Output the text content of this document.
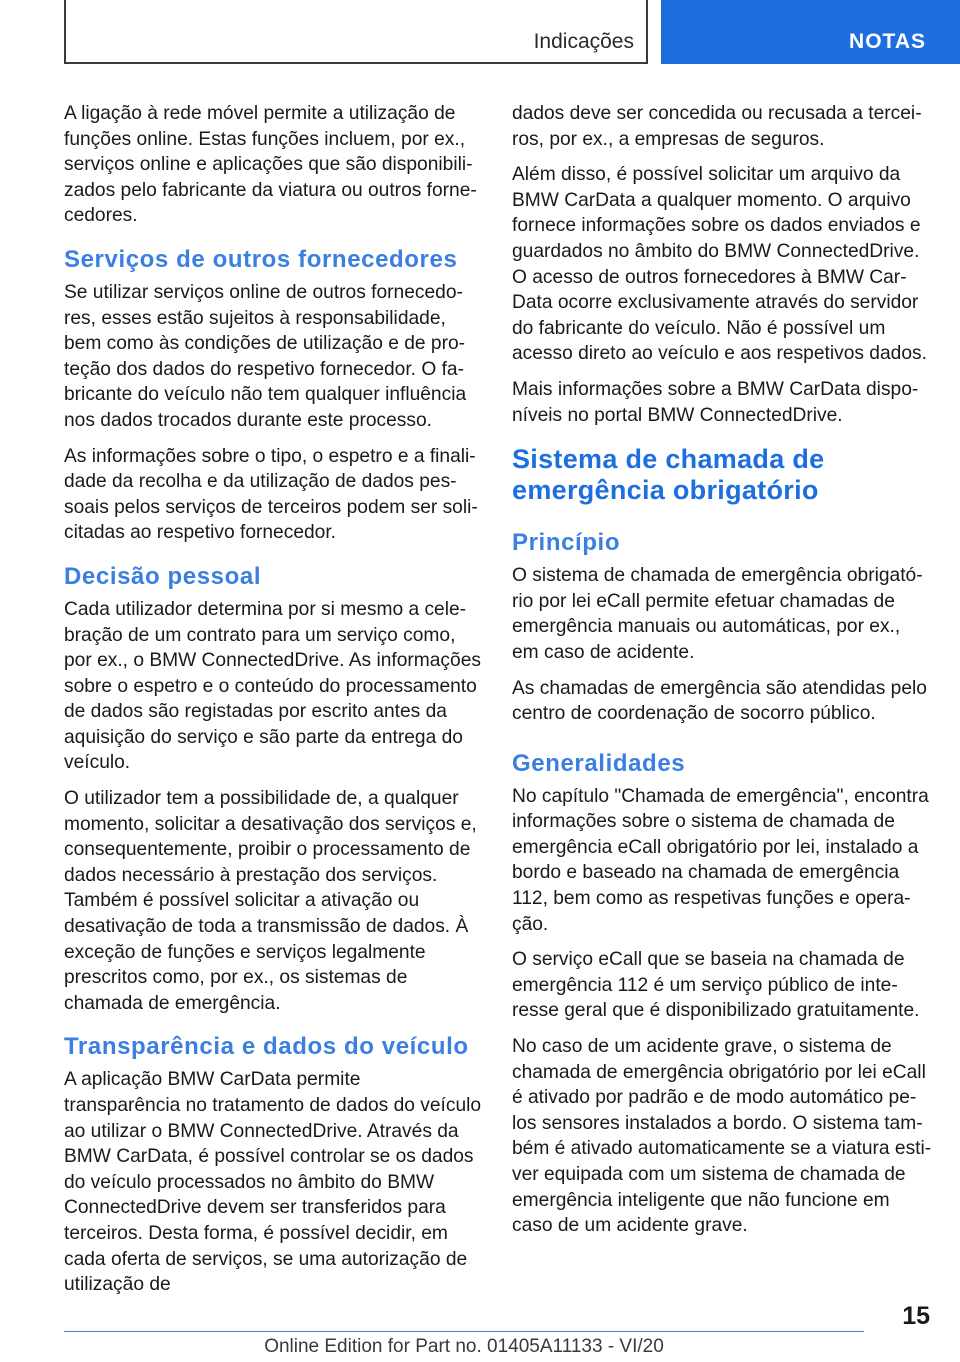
Indicações	NOTAS

A ligação à rede móvel permite a utilização de funções online. Estas funções incluem, por ex., serviços online e aplicações que são disponibilizados pelo fabricante da viatura ou outros fornecedores.

Serviços de outros fornecedores

Se utilizar serviços online de outros fornecedores, esses estão sujeitos à responsabilidade, bem como às condições de utilização e de proteção dos dados do respetivo fornecedor. O fabricante do veículo não tem qualquer influência nos dados trocados durante este processo.

As informações sobre o tipo, o espetro e a finalidade da recolha e da utilização de dados pessoais pelos serviços de terceiros podem ser solicitadas ao respetivo fornecedor.

Decisão pessoal

Cada utilizador determina por si mesmo a celebração de um contrato para um serviço como, por ex., o BMW ConnectedDrive. As informações sobre o espetro e o conteúdo do processamento de dados são registadas por escrito antes da aquisição do serviço e são parte da entrega do veículo.

O utilizador tem a possibilidade de, a qualquer momento, solicitar a desativação dos serviços e, consequentemente, proibir o processamento de dados necessário à prestação dos serviços. Também é possível solicitar a ativação ou desativação de toda a transmissão de dados. À exceção de funções e serviços legalmente prescritos como, por ex., os sistemas de chamada de emergência.

Transparência e dados do veículo

A aplicação BMW CarData permite transparência no tratamento de dados do veículo ao utilizar o BMW ConnectedDrive. Através da BMW CarData, é possível controlar se os dados do veículo processados no âmbito do BMW ConnectedDrive devem ser transferidos para terceiros. Desta forma, é possível decidir, em cada oferta de serviços, se uma autorização de utilização de

dados deve ser concedida ou recusada a terceiros, por ex., a empresas de seguros.

Além disso, é possível solicitar um arquivo da BMW CarData a qualquer momento. O arquivo fornece informações sobre os dados enviados e guardados no âmbito do BMW ConnectedDrive. O acesso de outros fornecedores à BMW CarData ocorre exclusivamente através do servidor do fabricante do veículo. Não é possível um acesso direto ao veículo e aos respetivos dados.

Mais informações sobre a BMW CarData disponíveis no portal BMW ConnectedDrive.

Sistema de chamada de emergência obrigatório
Princípio

O sistema de chamada de emergência obrigatório por lei eCall permite efetuar chamadas de emergência manuais ou automáticas, por ex., em caso de acidente.

As chamadas de emergência são atendidas pelo centro de coordenação de socorro público.

Generalidades

No capítulo "Chamada de emergência", encontra informações sobre o sistema de chamada de emergência eCall obrigatório por lei, instalado a bordo e baseado na chamada de emergência 112, bem como as respetivas funções e operação.

O serviço eCall que se baseia na chamada de emergência 112 é um serviço público de interesse geral que é disponibilizado gratuitamente.

No caso de um acidente grave, o sistema de chamada de emergência obrigatório por lei eCall é ativado por padrão e de modo automático pelos sensores instalados a bordo. O sistema também é ativado automaticamente se a viatura estiver equipada com um sistema de chamada de emergência inteligente que não funcione em caso de um acidente grave.

15
Online Edition for Part no. 01405A11133 - VI/20
